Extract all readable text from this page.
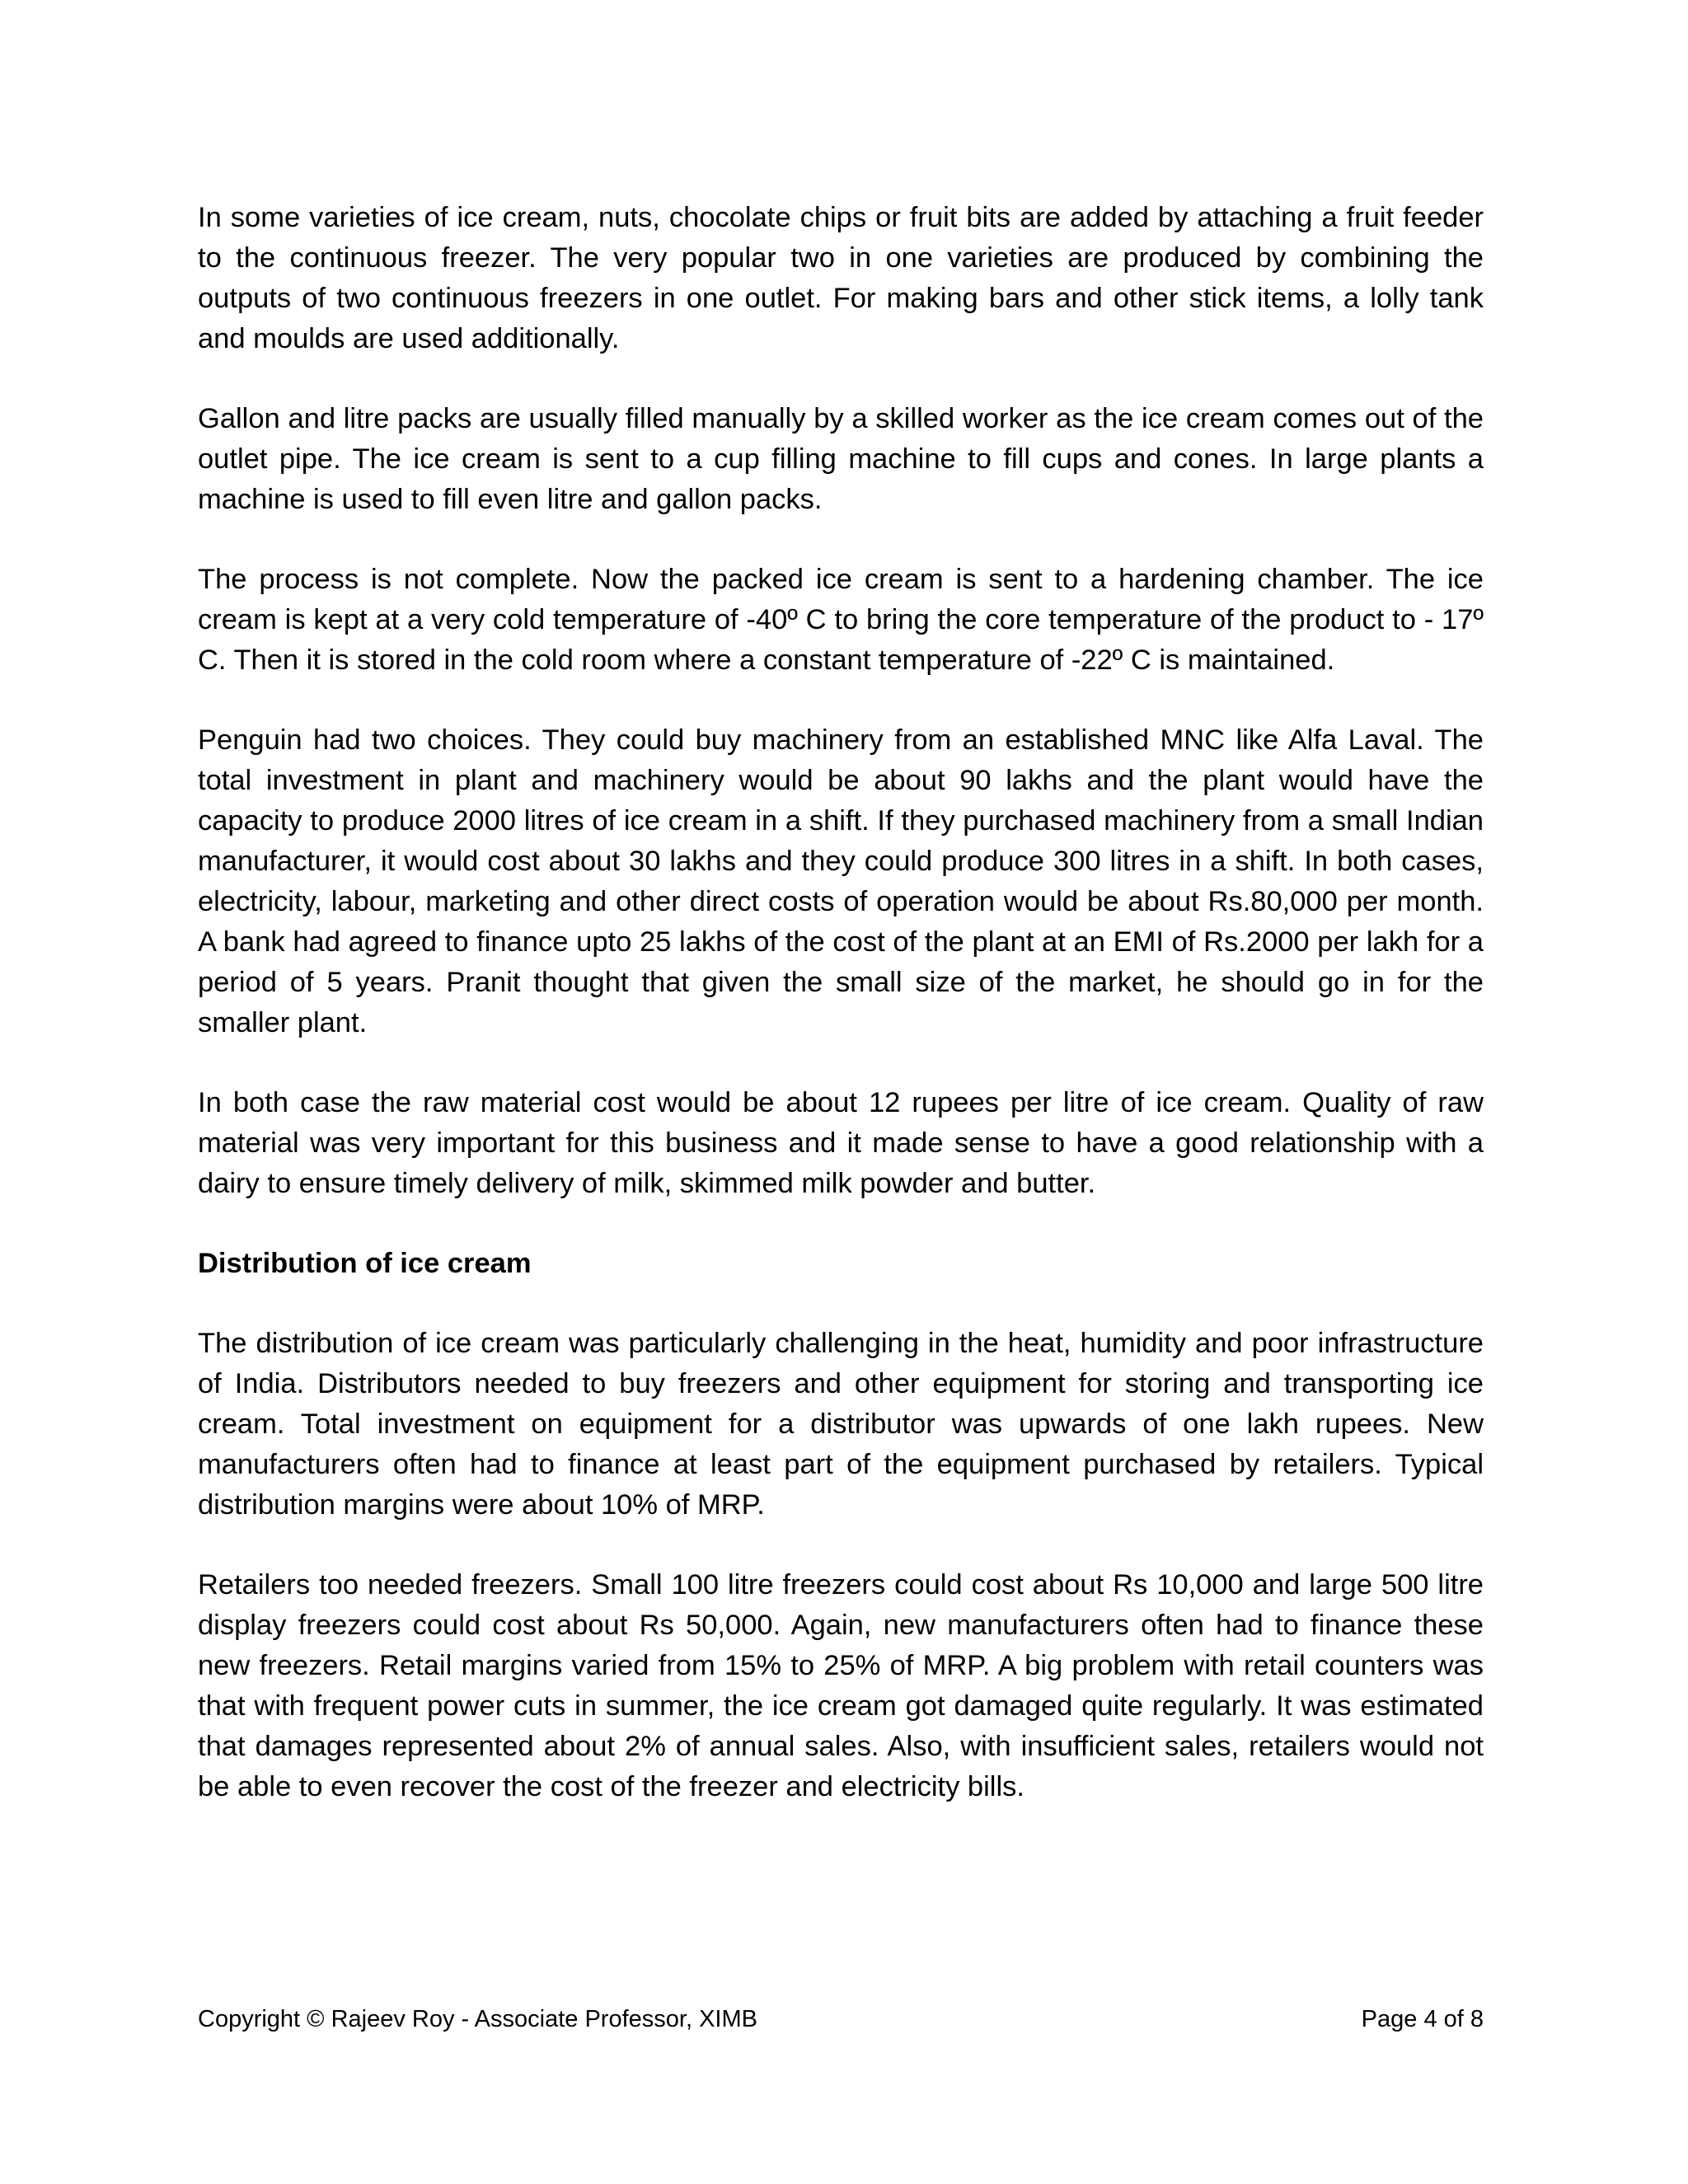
In some varieties of ice cream, nuts, chocolate chips or fruit bits are added by attaching a fruit feeder to the continuous freezer. The very popular two in one varieties are produced by combining the outputs of two continuous freezers in one outlet. For making bars and other stick items, a lolly tank and moulds are used additionally.

Gallon and litre packs are usually filled manually by a skilled worker as the ice cream comes out of the outlet pipe. The ice cream is sent to a cup filling machine to fill cups and cones. In large plants a machine is used to fill even litre and gallon packs.

The process is not complete. Now the packed ice cream is sent to a hardening chamber. The ice cream is kept at a very cold temperature of -40º C to bring the core temperature of the product to - 17º C. Then it is stored in the cold room where a constant temperature of -22º C is maintained.

Penguin had two choices. They could buy machinery from an established MNC like Alfa Laval. The total investment in plant and machinery would be about 90 lakhs and the plant would have the capacity to produce 2000 litres of ice cream in a shift. If they purchased machinery from a small Indian manufacturer, it would cost about 30 lakhs and they could produce 300 litres in a shift. In both cases, electricity, labour, marketing and other direct costs of operation would be about Rs.80,000 per month. A bank had agreed to finance upto 25 lakhs of the cost of the plant at an EMI of Rs.2000 per lakh for a period of 5 years. Pranit thought that given the small size of the market, he should go in for the smaller plant.

In both case the raw material cost would be about 12 rupees per litre of ice cream. Quality of raw material was very important for this business and it made sense to have a good relationship with a dairy to ensure timely delivery of milk, skimmed milk powder and butter.

Distribution of ice cream

The distribution of ice cream was particularly challenging in the heat, humidity and poor infrastructure of India. Distributors needed to buy freezers and other equipment for storing and transporting ice cream. Total investment on equipment for a distributor was upwards of one lakh rupees. New manufacturers often had to finance at least part of the equipment purchased by retailers. Typical distribution margins were about 10% of MRP.

Retailers too needed freezers. Small 100 litre freezers could cost about Rs 10,000 and large 500 litre display freezers could cost about Rs 50,000. Again, new manufacturers often had to finance these new freezers. Retail margins varied from 15% to 25% of MRP. A big problem with retail counters was that with frequent power cuts in summer, the ice cream got damaged quite regularly. It was estimated that damages represented about 2% of annual sales. Also, with insufficient sales, retailers would not be able to even recover the cost of the freezer and electricity bills.

Copyright © Rajeev Roy - Associate Professor, XIMB	Page 4 of 8
